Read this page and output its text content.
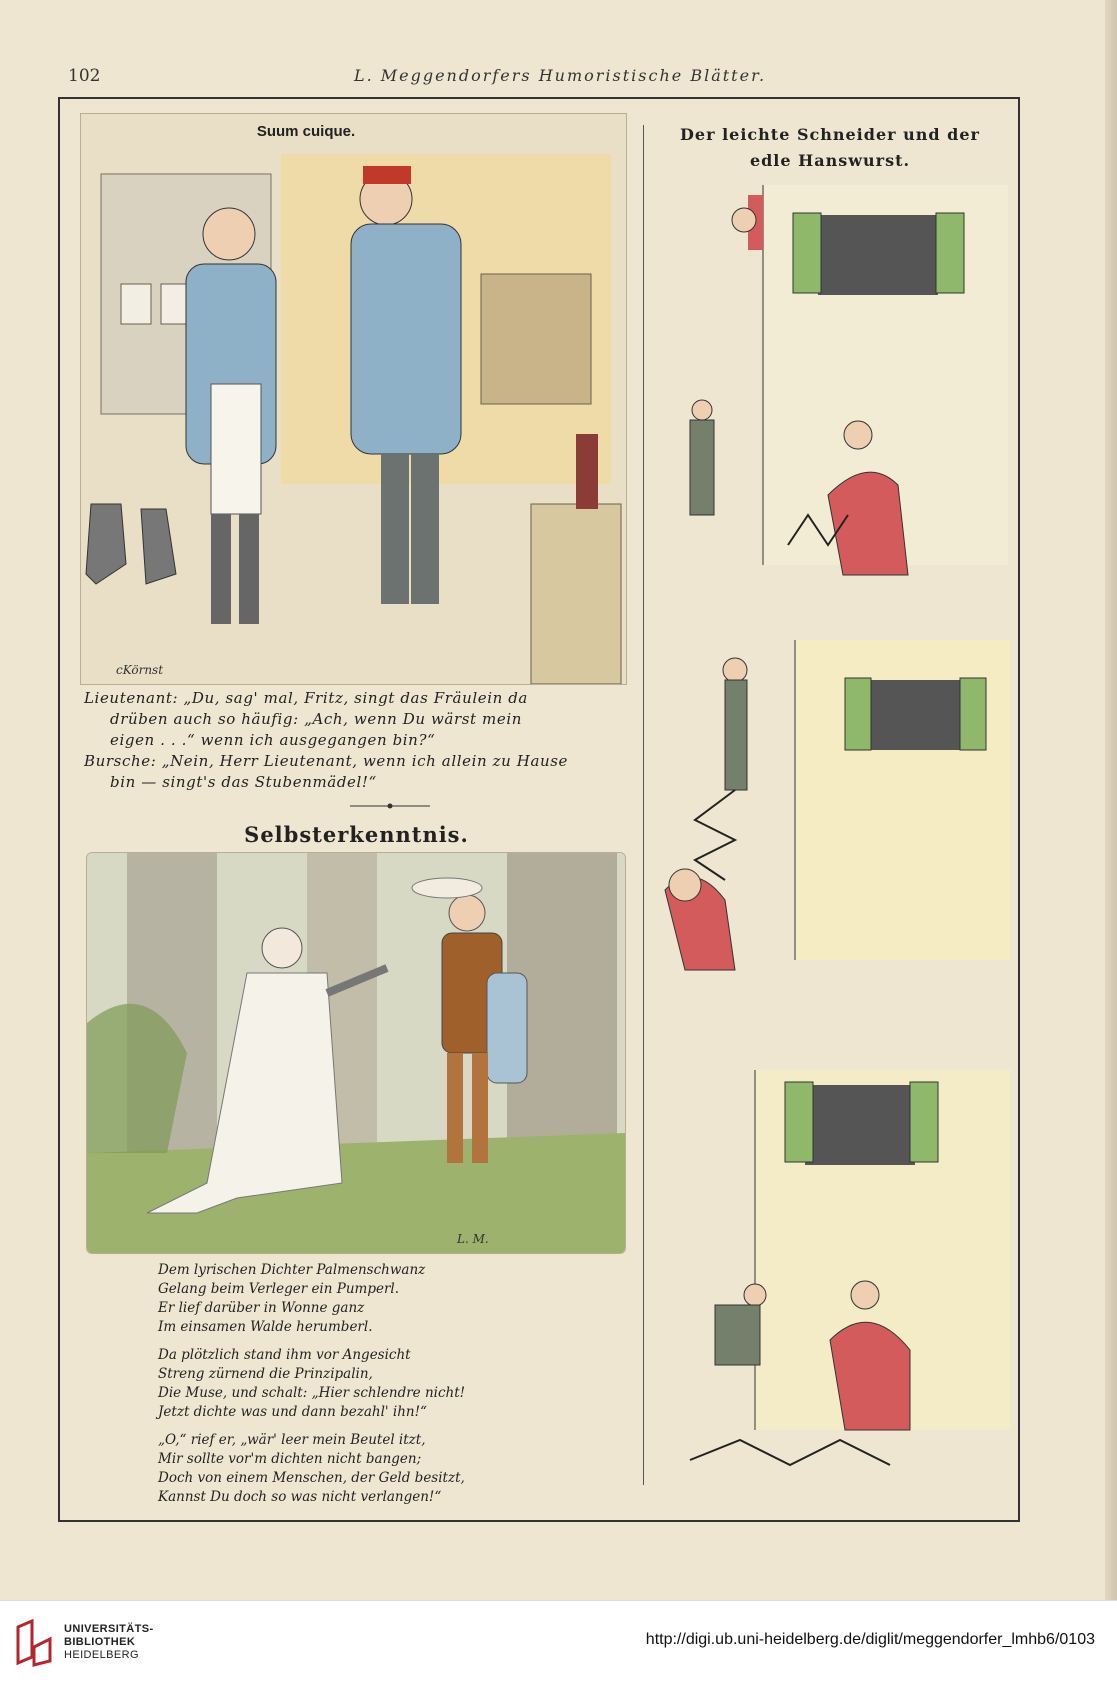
102	L. Meggendorfers Humoristische Blätter.
Suum cuique.
cKörnst
Lieutenant: „Du, sag' mal, Fritz, singt das Fräulein da
drüben auch so häufig: „Ach, wenn Du wärst mein
eigen . . .“ wenn ich ausgegangen bin?“
Bursche: „Nein, Herr Lieutenant, wenn ich allein zu Hause
bin — singt's das Stubenmädel!“
Selbsterkenntnis.
L. M.

Dem lyrischen Dichter Palmenschwanz

Gelang beim Verleger ein Pumperl.

Er lief darüber in Wonne ganz

Im einsamen Walde herumberl.

Da plötzlich stand ihm vor Angesicht

Streng zürnend die Prinzipalin,

Die Muse, und schalt: „Hier schlendre nicht!

Jetzt dichte was und dann bezahl' ihn!“

„O,“ rief er, „wär' leer mein Beutel itzt,

Mir sollte vor'm dichten nicht bangen;

Doch von einem Menschen, der Geld besitzt,

Kannst Du doch so was nicht verlangen!“

Der leichte Schneider und der
edle Hanswurst.
UNIVERSITÄTS-
BIBLIOTHEK
HEIDELBERG
http://digi.ub.uni-heidelberg.de/diglit/meggendorfer_lmhb6/0103
